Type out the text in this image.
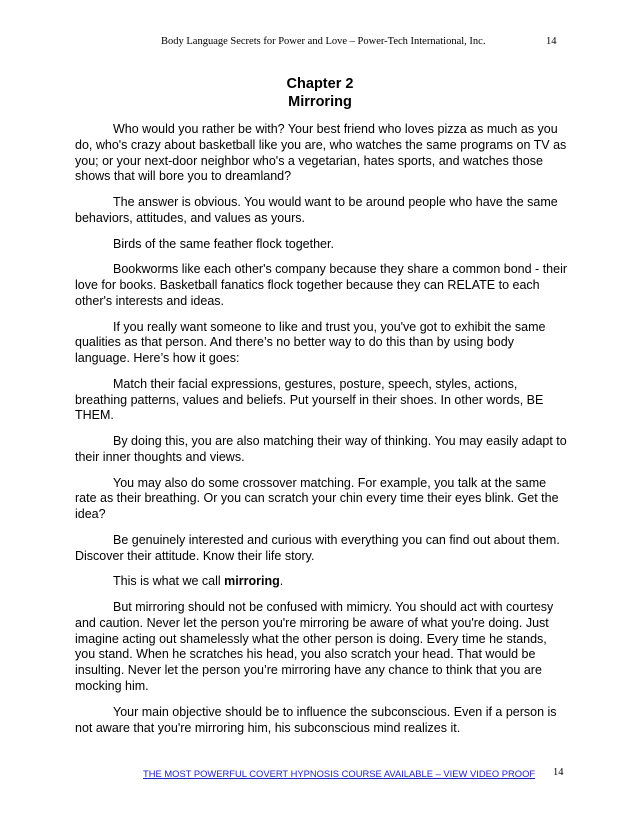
Body Language Secrets for Power and Love – Power-Tech International, Inc.	14
Chapter 2
Mirroring

Who would you rather be with? Your best friend who loves pizza as much as you do, who's crazy about basketball like you are, who watches the same programs on TV as you; or your next-door neighbor who's a vegetarian, hates sports, and watches those shows that will bore you to dreamland?

The answer is obvious. You would want to be around people who have the same behaviors, attitudes, and values as yours.

Birds of the same feather flock together.

Bookworms like each other's company because they share a common bond - their love for books. Basketball fanatics flock together because they can RELATE to each other's interests and ideas.

If you really want someone to like and trust you, you've got to exhibit the same qualities as that person. And there’s no better way to do this than by using body language. Here’s how it goes:

Match their facial expressions, gestures, posture, speech, styles, actions, breathing patterns, values and beliefs. Put yourself in their shoes. In other words, BE THEM.

By doing this, you are also matching their way of thinking. You may easily adapt to their inner thoughts and views.

You may also do some crossover matching. For example, you talk at the same rate as their breathing. Or you can scratch your chin every time their eyes blink. Get the idea?

Be genuinely interested and curious with everything you can find out about them. Discover their attitude. Know their life story.

This is what we call mirroring.

But mirroring should not be confused with mimicry. You should act with courtesy and caution. Never let the person you're mirroring be aware of what you're doing. Just imagine acting out shamelessly what the other person is doing. Every time he stands, you stand. When he scratches his head, you also scratch your head. That would be insulting. Never let the person you’re mirroring have any chance to think that you are mocking him.

Your main objective should be to influence the subconscious. Even if a person is not aware that you're mirroring him, his subconscious mind realizes it.

THE MOST POWERFUL COVERT HYPNOSIS COURSE AVAILABLE – VIEW VIDEO PROOF 14
